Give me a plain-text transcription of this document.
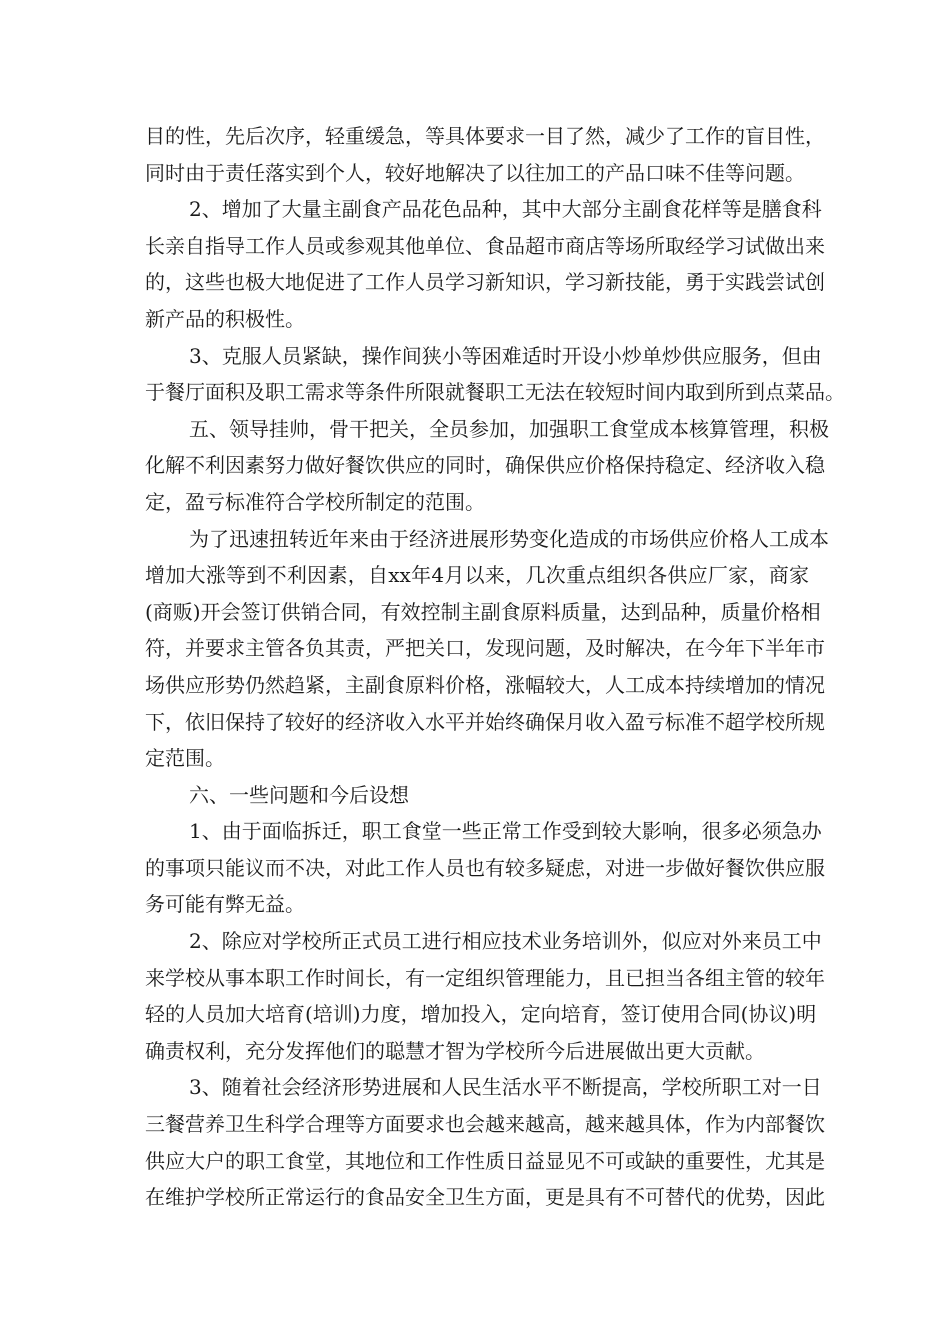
目的性，先后次序，轻重缓急，等具体要求一目了然，减少了工作的盲目性，
同时由于责任落实到个人，较好地解决了以往加工的产品口味不佳等问题。
2、增加了大量主副食产品花色品种，其中大部分主副食花样等是膳食科
长亲自指导工作人员或参观其他单位、食品超市商店等场所取经学习试做出来
的，这些也极大地促进了工作人员学习新知识，学习新技能，勇于实践尝试创
新产品的积极性。
3、克服人员紧缺，操作间狭小等困难适时开设小炒单炒供应服务，但由
于餐厅面积及职工需求等条件所限就餐职工无法在较短时间内取到所到点菜品。
五、领导挂帅，骨干把关，全员参加，加强职工食堂成本核算管理，积极
化解不利因素努力做好餐饮供应的同时，确保供应价格保持稳定、经济收入稳
定，盈亏标准符合学校所制定的范围。
为了迅速扭转近年来由于经济进展形势变化造成的市场供应价格人工成本
增加大涨等到不利因素，自xx年4月以来，几次重点组织各供应厂家，商家
(商贩)开会签订供销合同，有效控制主副食原料质量，达到品种，质量价格相
符，并要求主管各负其责，严把关口，发现问题，及时解决，在今年下半年市
场供应形势仍然趋紧，主副食原料价格，涨幅较大，人工成本持续增加的情况
下，依旧保持了较好的经济收入水平并始终确保月收入盈亏标准不超学校所规
定范围。
六、一些问题和今后设想
1、由于面临拆迁，职工食堂一些正常工作受到较大影响，很多必须急办
的事项只能议而不决，对此工作人员也有较多疑虑，对进一步做好餐饮供应服
务可能有弊无益。
2、除应对学校所正式员工进行相应技术业务培训外，似应对外来员工中
来学校从事本职工作时间长，有一定组织管理能力，且已担当各组主管的较年
轻的人员加大培育(培训)力度，增加投入，定向培育，签订使用合同(协议)明
确责权利，充分发挥他们的聪慧才智为学校所今后进展做出更大贡献。
3、随着社会经济形势进展和人民生活水平不断提高，学校所职工对一日
三餐营养卫生科学合理等方面要求也会越来越高，越来越具体，作为内部餐饮
供应大户的职工食堂，其地位和工作性质日益显见不可或缺的重要性，尤其是
在维护学校所正常运行的食品安全卫生方面，更是具有不可替代的优势，因此
